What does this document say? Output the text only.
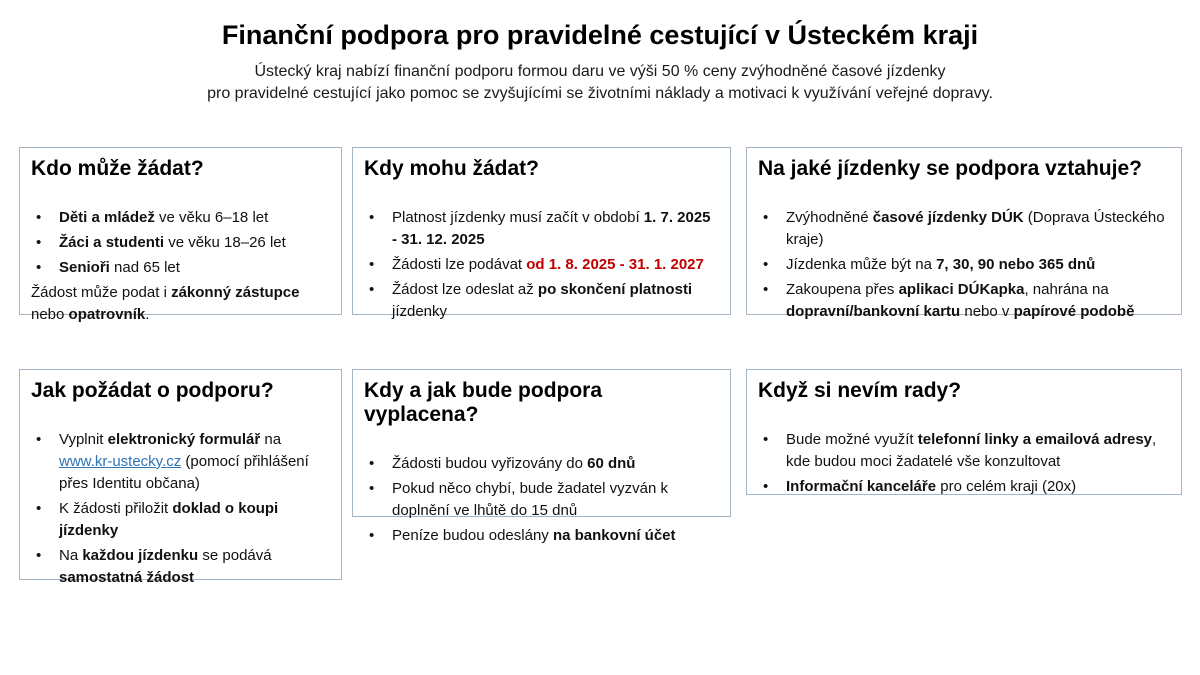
Finanční podpora pro pravidelné cestující v Ústeckém kraji

Ústecký kraj nabízí finanční podporu formou daru ve výši 50 % ceny zvýhodněné časové jízdenky

pro pravidelné cestující jako pomoc se zvyšujícími se životními náklady a motivaci k využívání veřejné dopravy.

Kdo může žádat?
• Děti a mládež ve věku 6–18 let
• Žáci a studenti ve věku 18–26 let
• Senioři nad 65 let
Žádost může podat i zákonný zástupce nebo opatrovník.
Kdy mohu žádat?
• Platnost jízdenky musí začít v období 1. 7. 2025 - 31. 12. 2025
• Žádosti lze podávat od 1. 8. 2025 - 31. 1. 2027
• Žádost lze odeslat až po skončení platnosti jízdenky
Na jaké jízdenky se podpora vztahuje?
• Zvýhodněné časové jízdenky DÚK (Doprava Ústeckého kraje)
• Jízdenka může být na 7, 30, 90 nebo 365 dnů
• Zakoupena přes aplikaci DÚKapka, nahrána na dopravní/bankovní kartu nebo v papírové podobě
Jak požádat o podporu?
• Vyplnit elektronický formulář na www.kr-ustecky.cz (pomocí přihlášení přes Identitu občana)
• K žádosti přiložit doklad o koupi jízdenky
• Na každou jízdenku se podává samostatná žádost
Kdy a jak bude podpora vyplacena?
• Žádosti budou vyřizovány do 60 dnů
• Pokud něco chybí, bude žadatel vyzván k doplnění ve lhůtě do 15 dnů
• Peníze budou odeslány na bankovní účet
Když si nevím rady?
• Bude možné využít telefonní linky a emailová adresy, kde budou moci žadatelé vše konzultovat
• Informační kanceláře pro celém kraji (20x)
